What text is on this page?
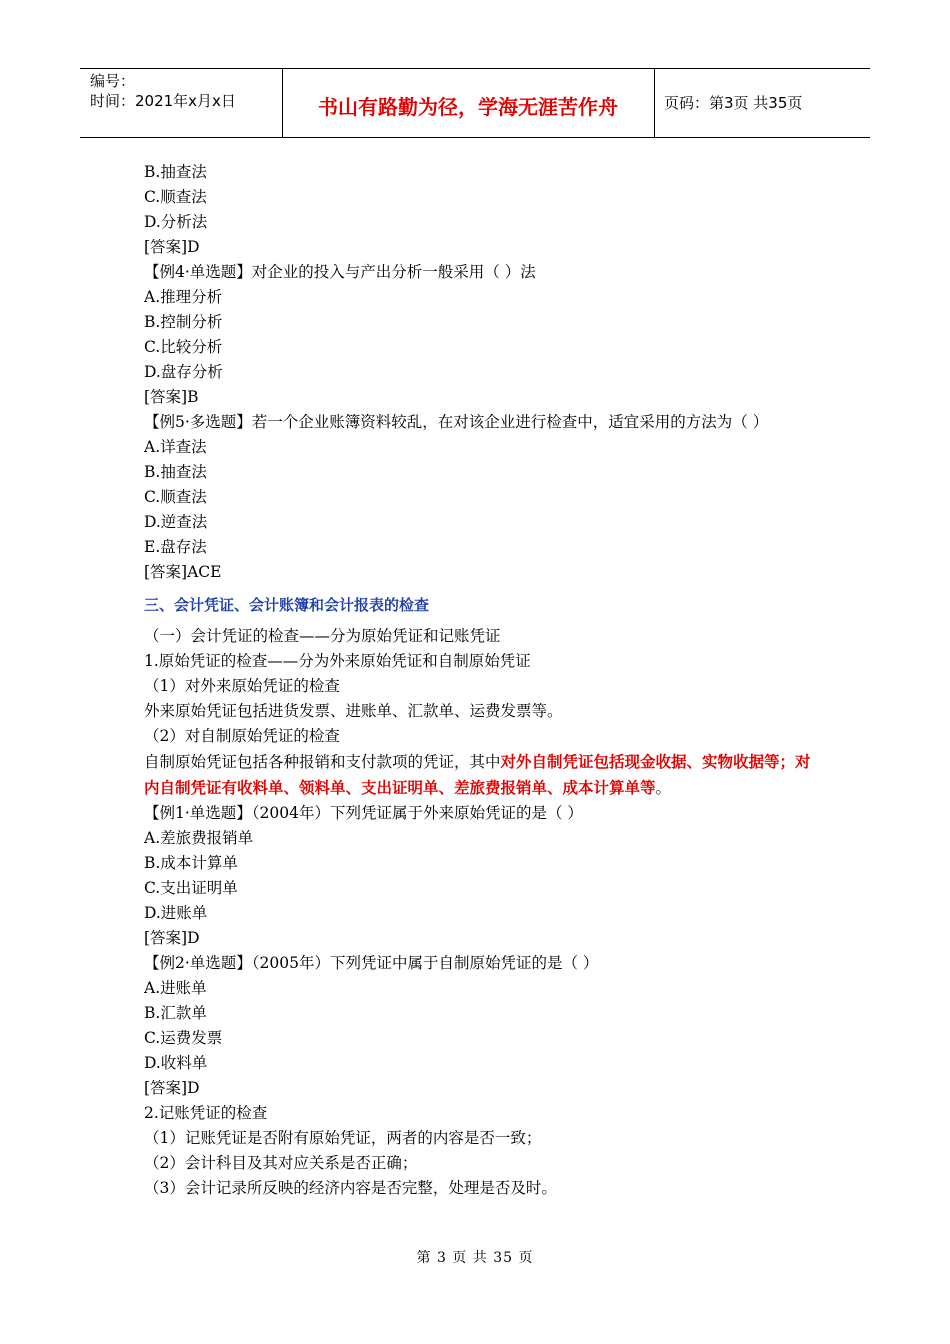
编号：
时间：2021年x月x日	书山有路勤为径，学海无涯苦作舟	页码：第3页 共35页
B.抽查法
C.顺查法
D.分析法
[答案]D
【例4·单选题】对企业的投入与产出分析一般采用（ ）法
A.推理分析
B.控制分析
C.比较分析
D.盘存分析
[答案]B
【例5·多选题】若一个企业账簿资料较乱，在对该企业进行检查中，适宜采用的方法为（ ）
A.详查法
B.抽查法
C.顺查法
D.逆查法
E.盘存法
[答案]ACE
三、会计凭证、会计账簿和会计报表的检查
（一）会计凭证的检查——分为原始凭证和记账凭证
1.原始凭证的检查——分为外来原始凭证和自制原始凭证
（1）对外来原始凭证的检查
外来原始凭证包括进货发票、进账单、汇款单、运费发票等。
（2）对自制原始凭证的检查
自制原始凭证包括各种报销和支付款项的凭证，其中对外自制凭证包括现金收据、实物收据等；对内自制凭证有收料单、领料单、支出证明单、差旅费报销单、成本计算单等。
【例1·单选题】（2004年）下列凭证属于外来原始凭证的是（ ）
A.差旅费报销单
B.成本计算单
C.支出证明单
D.进账单
[答案]D
【例2·单选题】（2005年）下列凭证中属于自制原始凭证的是（ ）
A.进账单
B.汇款单
C.运费发票
D.收料单
[答案]D
2.记账凭证的检查
（1）记账凭证是否附有原始凭证，两者的内容是否一致；
（2）会计科目及其对应关系是否正确；
（3）会计记录所反映的经济内容是否完整，处理是否及时。
第 3 页 共 35 页
